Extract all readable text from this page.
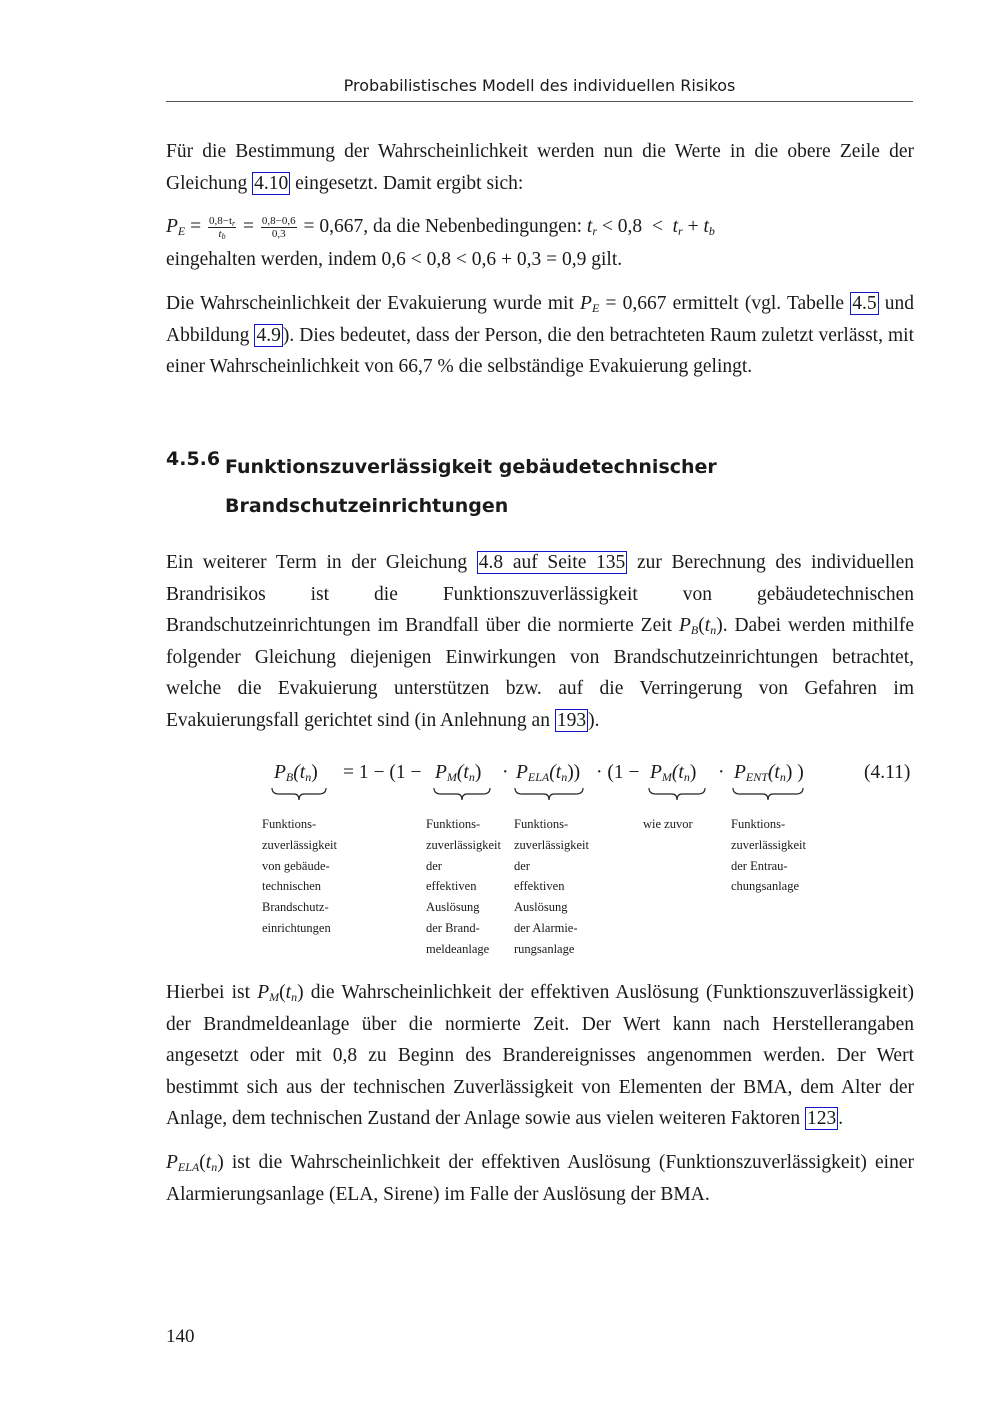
Probabilistisches Modell des individuellen Risikos

Für die Bestimmung der Wahrscheinlichkeit werden nun die Werte in die obere Zeile der Gleichung 4.10 eingesetzt. Damit ergibt sich:

$P_E = \frac{0,8-t_r}{t_b} = \frac{0,8-0,6}{0,3} = 0,667$, da die Nebenbedingungen: $t_r < 0,8 < t_r + t_b$

eingehalten werden, indem 0,6 < 0,8 < 0,6 + 0,3 = 0,9 gilt.

Die Wahrscheinlichkeit der Evakuierung wurde mit $P_E = 0,667$ ermittelt (vgl. Tabelle 4.5 und Abbildung 4.9 ). Dies bedeutet, dass der Person, die den betrachteten Raum zuletzt verlässt, mit einer Wahrscheinlichkeit von 66,7 % die selbständige Evakuierung gelingt.

4.5.6 Funktionszuverlässigkeit gebäudetechnischer Brandschutzeinrichtungen

Ein weiterer Term in der Gleichung 4.8 auf Seite 135 zur Berechnung des individuellen Brandrisikos ist die Funktionszuverlässigkeit von gebäudetechnischen Brandschutzeinrichtungen im Brandfall über die normierte Zeit $P_B(t_n)$. Dabei werden mithilfe folgender Gleichung diejenigen Einwirkungen von Brandschutzeinrichtungen betrachtet, welche die Evakuierung unterstützen bzw. auf die Verringerung von Gefahren im Evakuierungsfall gerichtet sind (in Anlehnung an 193 ).

$P_B(t_n) = 1 - (1 - P_M(t_n) \cdot P_{ELA}(t_n)) \cdot (1 - P_M(t_n) \cdot P_{ENT}(t_n)$ )	(4.11)
Funktions-
zuverlässigkeit
von gebäude-
technischen
Brandschutz-
einrichtungen
Funktions-
zuverlässigkeit
der
effektiven
Auslösung
der Brand-
meldeanlage
Funktions-
zuverlässigkeit
der
effektiven
Auslösung
der Alarmie-
rungsanlage
wie zuvor	Funktions-
zuverlässigkeit
der Entrau-
chungsanlage

Hierbei ist $P_M(t_n)$ die Wahrscheinlichkeit der effektiven Auslösung (Funktionszuverlässigkeit) der Brandmeldeanlage über die normierte Zeit. Der Wert kann nach Herstellerangaben angesetzt oder mit 0,8 zu Beginn des Brandereignisses angenommen werden. Der Wert bestimmt sich aus der technischen Zuverlässigkeit von Elementen der BMA, dem Alter der Anlage, dem technischen Zustand der Anlage sowie aus vielen weiteren Faktoren 123 .

$P_{ELA}(t_n)$ ist die Wahrscheinlichkeit der effektiven Auslösung (Funktionszuverlässigkeit) einer Alarmierungsanlage (ELA, Sirene) im Falle der Auslösung der BMA.

140
